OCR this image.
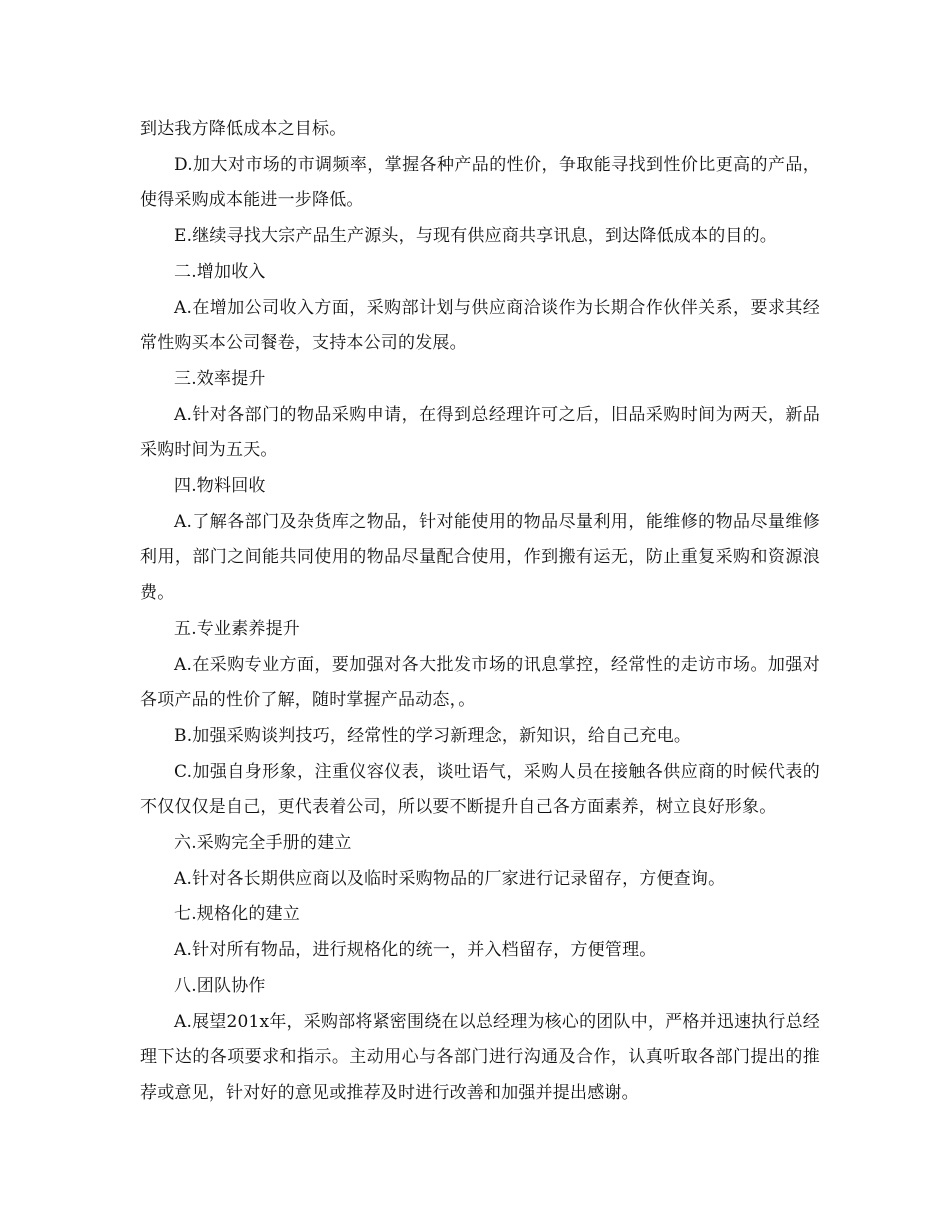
到达我方降低成本之目标。

D.加大对市场的市调频率，掌握各种产品的性价，争取能寻找到性价比更高的产品，使得采购成本能进一步降低。

E.继续寻找大宗产品生产源头，与现有供应商共享讯息，到达降低成本的目的。

二.增加收入

A.在增加公司收入方面，采购部计划与供应商洽谈作为长期合作伙伴关系，要求其经常性购买本公司餐卷，支持本公司的发展。

三.效率提升

A.针对各部门的物品采购申请，在得到总经理许可之后，旧品采购时间为两天，新品采购时间为五天。

四.物料回收

A.了解各部门及杂货库之物品，针对能使用的物品尽量利用，能维修的物品尽量维修利用，部门之间能共同使用的物品尽量配合使用，作到搬有运无，防止重复采购和资源浪费。

五.专业素养提升

A.在采购专业方面，要加强对各大批发市场的讯息掌控，经常性的走访市场。加强对各项产品的性价了解，随时掌握产品动态，。

B.加强采购谈判技巧，经常性的学习新理念，新知识，给自己充电。

C.加强自身形象，注重仪容仪表，谈吐语气，采购人员在接触各供应商的时候代表的不仅仅仅是自己，更代表着公司，所以要不断提升自己各方面素养，树立良好形象。

六.采购完全手册的建立

A.针对各长期供应商以及临时采购物品的厂家进行记录留存，方便查询。

七.规格化的建立

A.针对所有物品，进行规格化的统一，并入档留存，方便管理。

八.团队协作

A.展望201x年，采购部将紧密围绕在以总经理为核心的团队中，严格并迅速执行总经理下达的各项要求和指示。主动用心与各部门进行沟通及合作，认真听取各部门提出的推荐或意见，针对好的意见或推荐及时进行改善和加强并提出感谢。
